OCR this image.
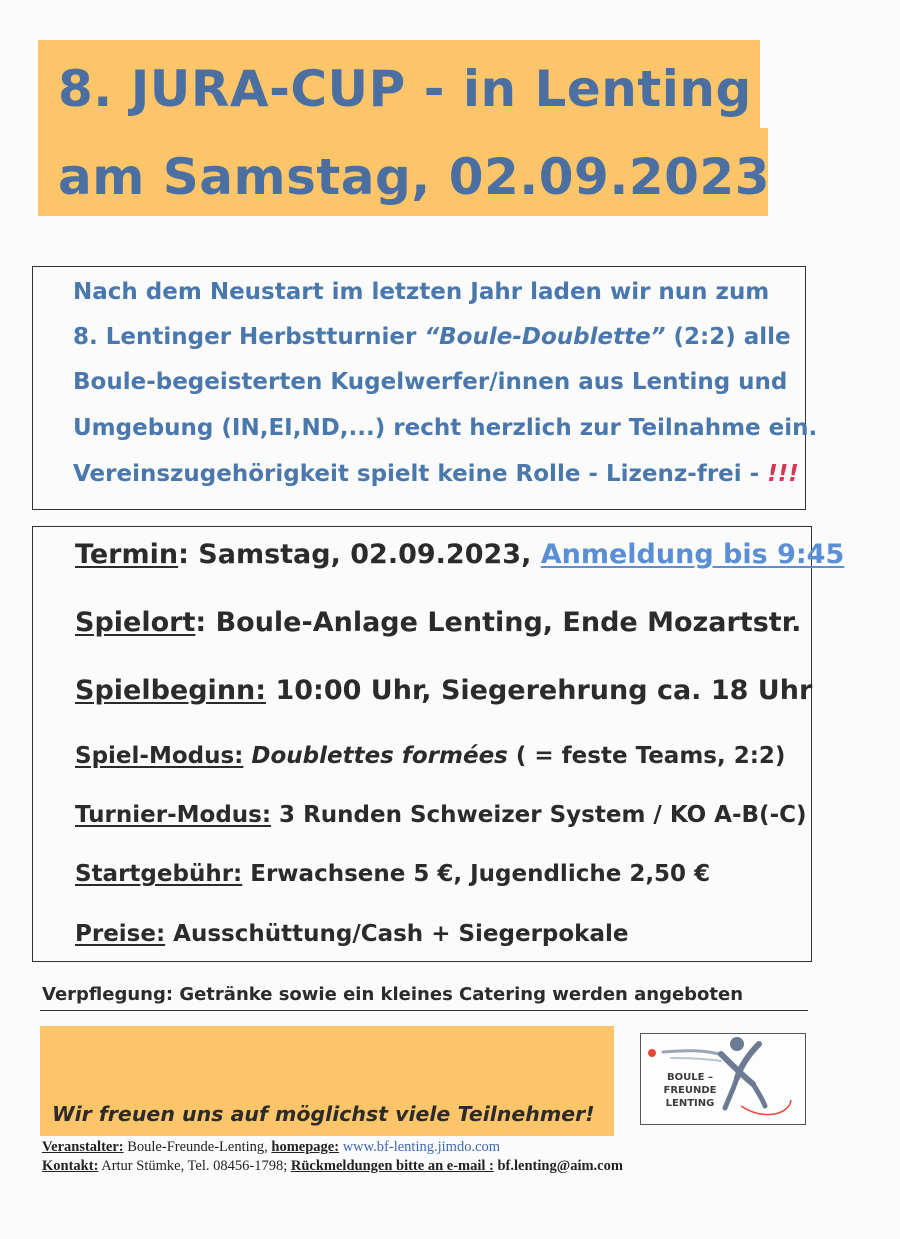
8. JURA-CUP - in Lenting
am Samstag, 02.09.2023
Nach dem Neustart im letzten Jahr laden wir nun zum
8. Lentinger Herbstturnier “Boule-Doublette” (2:2) alle
Boule-begeisterten Kugelwerfer/innen aus Lenting und
Umgebung (IN,EI,ND,...) recht herzlich zur Teilnahme ein.
Vereinszugehörigkeit spielt keine Rolle - Lizenz-frei - !!!
Termin: Samstag, 02.09.2023, Anmeldung bis 9:45
Spielort: Boule-Anlage Lenting, Ende Mozartstr.
Spielbeginn: 10:00 Uhr, Siegerehrung ca. 18 Uhr
Spiel-Modus: Doublettes formées ( = feste Teams, 2:2)
Turnier-Modus: 3 Runden Schweizer System / KO A-B(-C)
Startgebühr: Erwachsene 5 €, Jugendliche 2,50 €
Preise: Ausschüttung/Cash + Siegerpokale
Verpflegung: Getränke sowie ein kleines Catering werden angeboten
Wir freuen uns auf möglichst viele Teilnehmer!
BOULE –
FREUNDE
LENTING
Veranstalter: Boule-Freunde-Lenting, homepage: www.bf-lenting.jimdo.com
Kontakt: Artur Stümke, Tel. 08456-1798; Rückmeldungen bitte an e-mail : bf.lenting@aim.com
